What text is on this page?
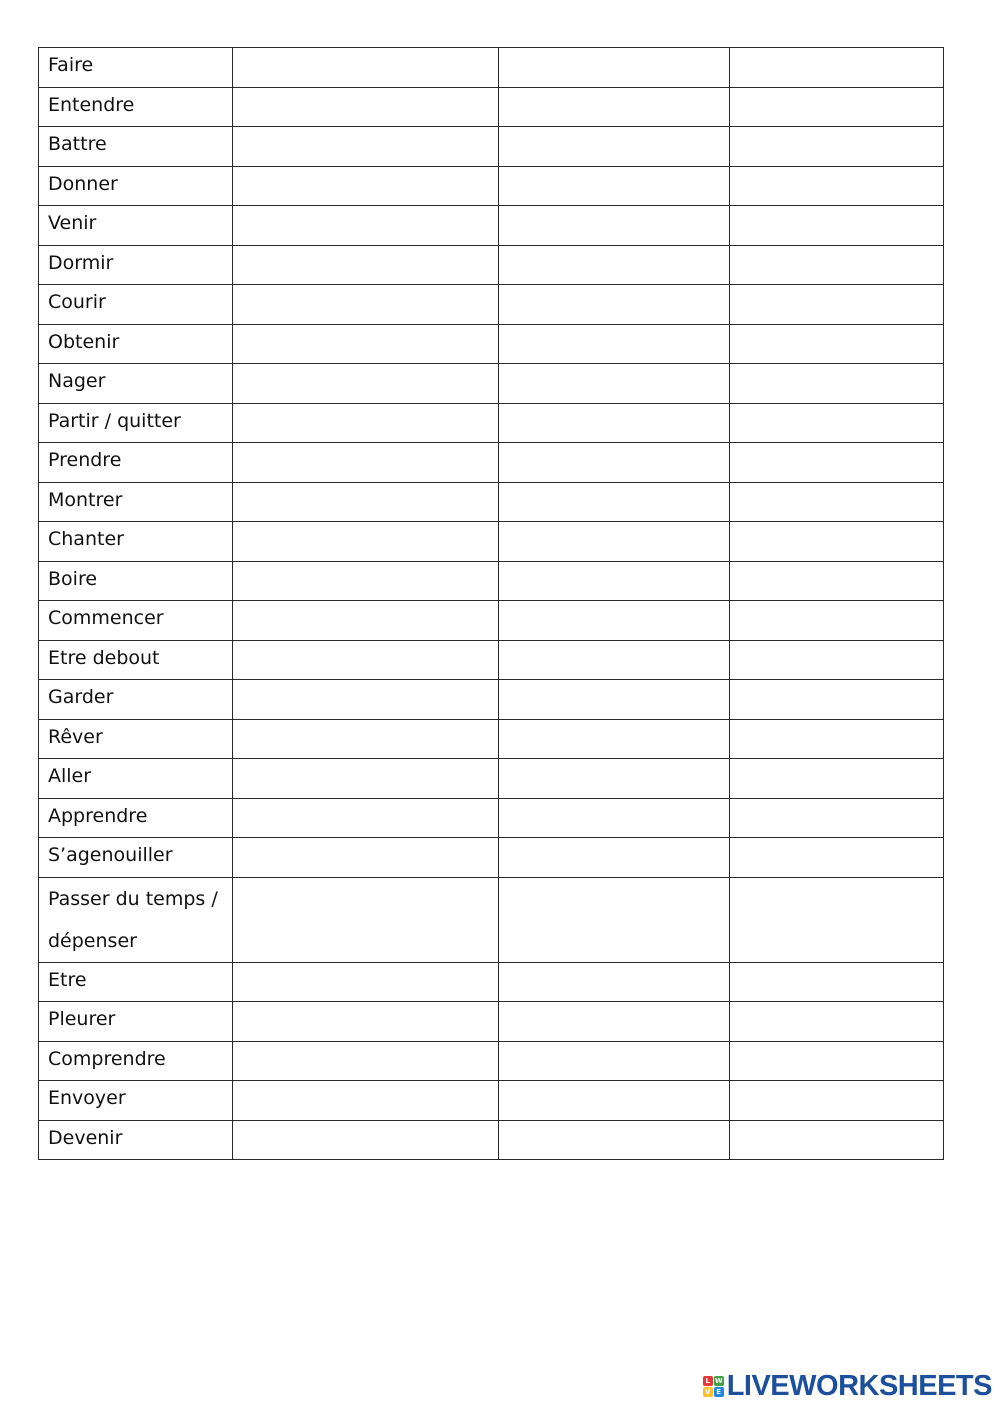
Faire			
Entendre			
Battre			
Donner			
Venir			
Dormir			
Courir			
Obtenir			
Nager			
Partir / quitter			
Prendre			
Montrer			
Chanter			
Boire			
Commencer			
Etre debout			
Garder			
Rêver			
Aller			
Apprendre			
S’agenouiller			
Passer du temps /
dépenser			
Etre			
Pleurer			
Comprendre			
Envoyer			
Devenir			
L W
V E LIVEWORKSHEETS
